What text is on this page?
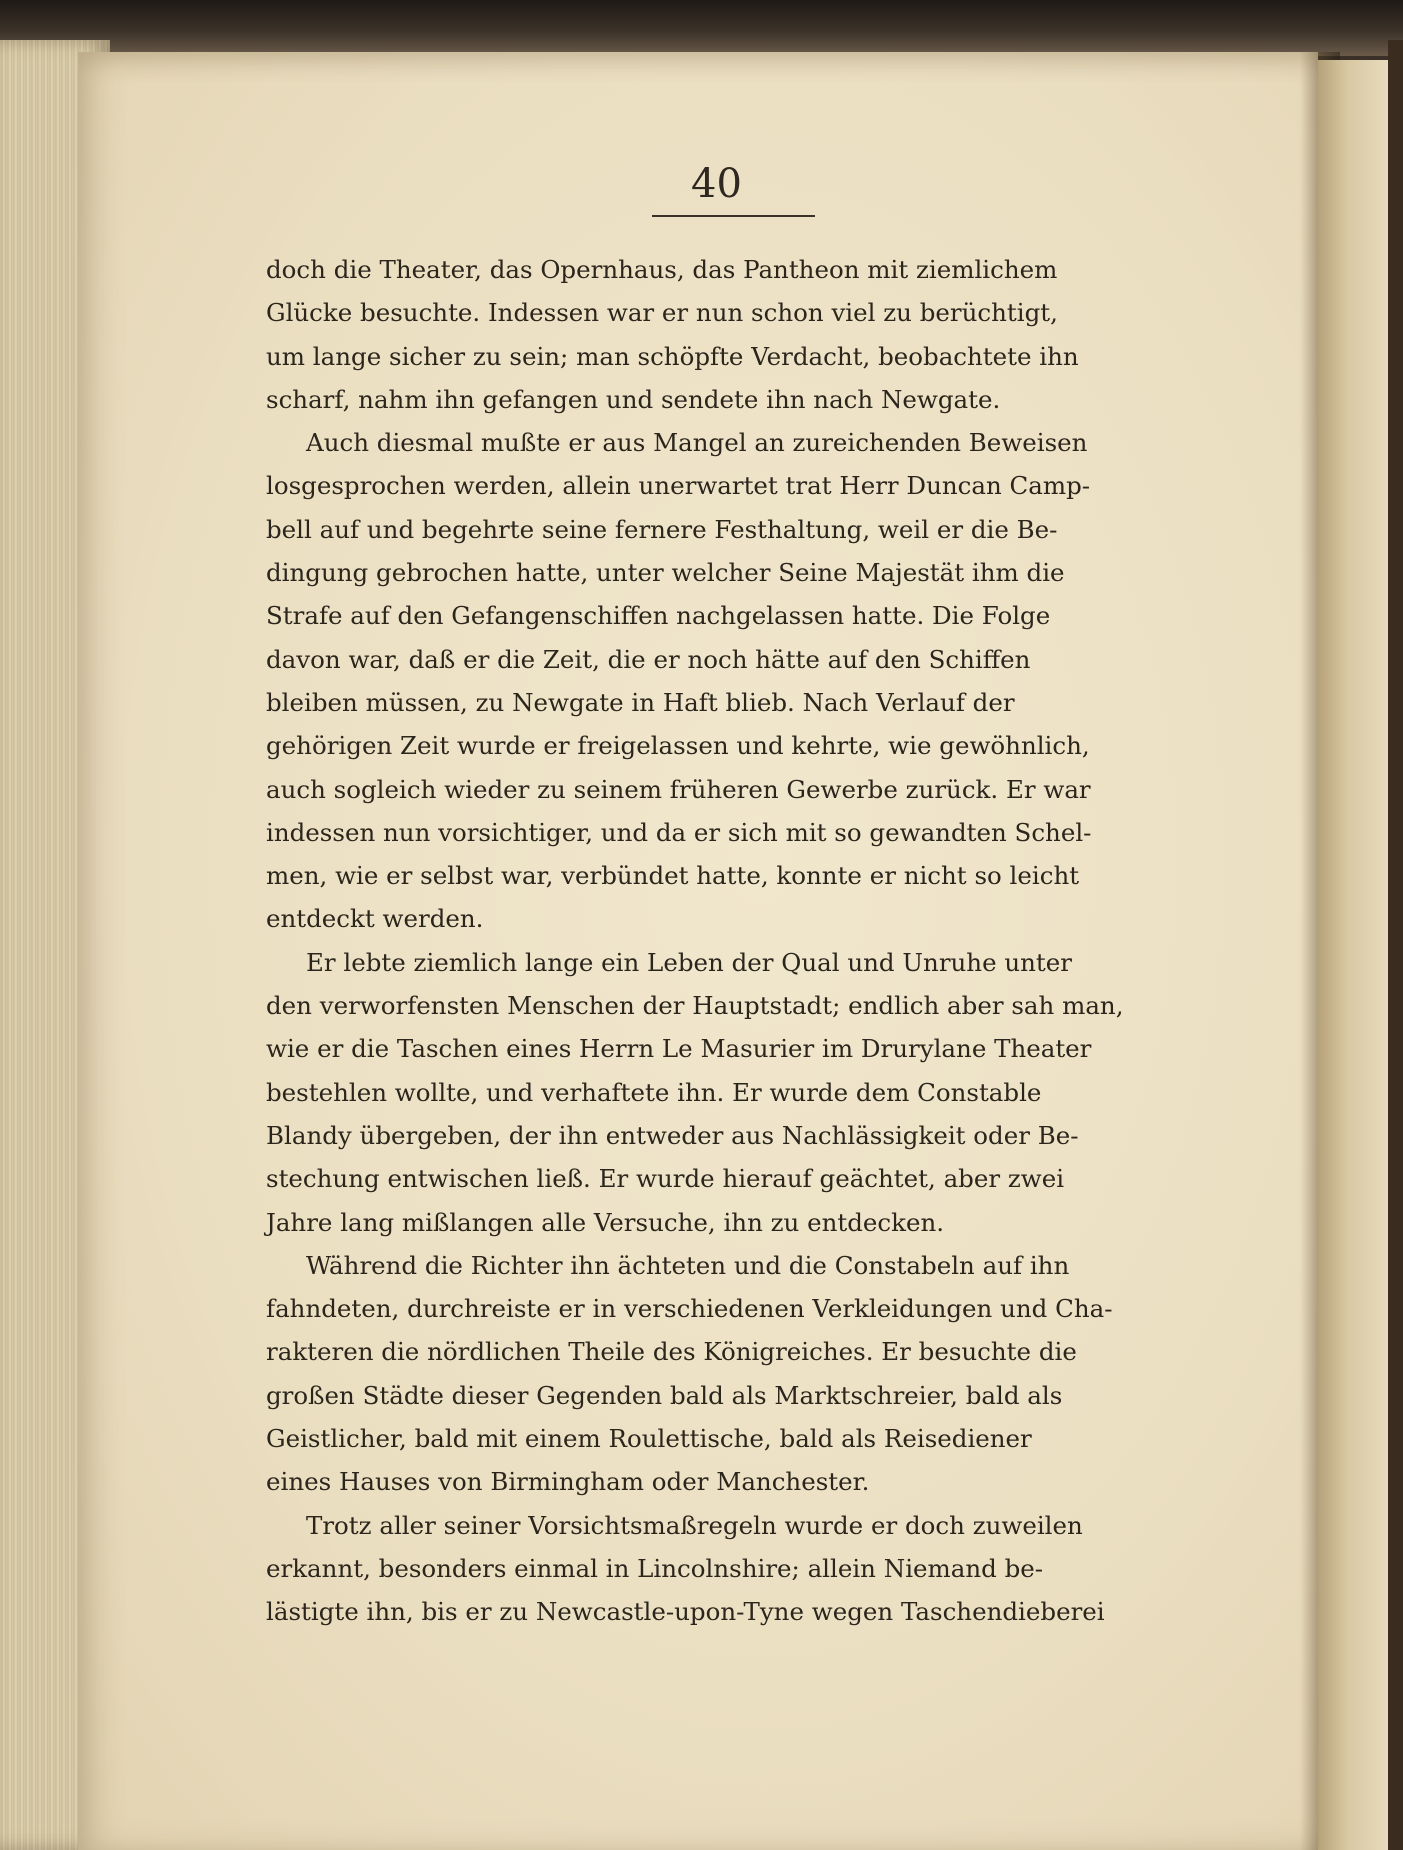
40
doch die Theater, das Opernhaus, das Pantheon mit ziemlichem
Glücke besuchte. Indessen war er nun schon viel zu berüchtigt,
um lange sicher zu sein; man schöpfte Verdacht, beobachtete ihn
scharf, nahm ihn gefangen und sendete ihn nach Newgate.
Auch diesmal mußte er aus Mangel an zureichenden Beweisen
losgesprochen werden, allein unerwartet trat Herr Duncan Camp-
bell auf und begehrte seine fernere Festhaltung, weil er die Be-
dingung gebrochen hatte, unter welcher Seine Majestät ihm die
Strafe auf den Gefangenschiffen nachgelassen hatte. Die Folge
davon war, daß er die Zeit, die er noch hätte auf den Schiffen
bleiben müssen, zu Newgate in Haft blieb. Nach Verlauf der
gehörigen Zeit wurde er freigelassen und kehrte, wie gewöhnlich,
auch sogleich wieder zu seinem früheren Gewerbe zurück. Er war
indessen nun vorsichtiger, und da er sich mit so gewandten Schel-
men, wie er selbst war, verbündet hatte, konnte er nicht so leicht
entdeckt werden.
Er lebte ziemlich lange ein Leben der Qual und Unruhe unter
den verworfensten Menschen der Hauptstadt; endlich aber sah man,
wie er die Taschen eines Herrn Le Masurier im Drurylane Theater
bestehlen wollte, und verhaftete ihn. Er wurde dem Constable
Blandy übergeben, der ihn entweder aus Nachlässigkeit oder Be-
stechung entwischen ließ. Er wurde hierauf geächtet, aber zwei
Jahre lang mißlangen alle Versuche, ihn zu entdecken.
Während die Richter ihn ächteten und die Constabeln auf ihn
fahndeten, durchreiste er in verschiedenen Verkleidungen und Cha-
rakteren die nördlichen Theile des Königreiches. Er besuchte die
großen Städte dieser Gegenden bald als Marktschreier, bald als
Geistlicher, bald mit einem Roulettische, bald als Reisediener
eines Hauses von Birmingham oder Manchester.
Trotz aller seiner Vorsichtsmaßregeln wurde er doch zuweilen
erkannt, besonders einmal in Lincolnshire; allein Niemand be-
lästigte ihn, bis er zu Newcastle-upon-Tyne wegen Taschendieberei
